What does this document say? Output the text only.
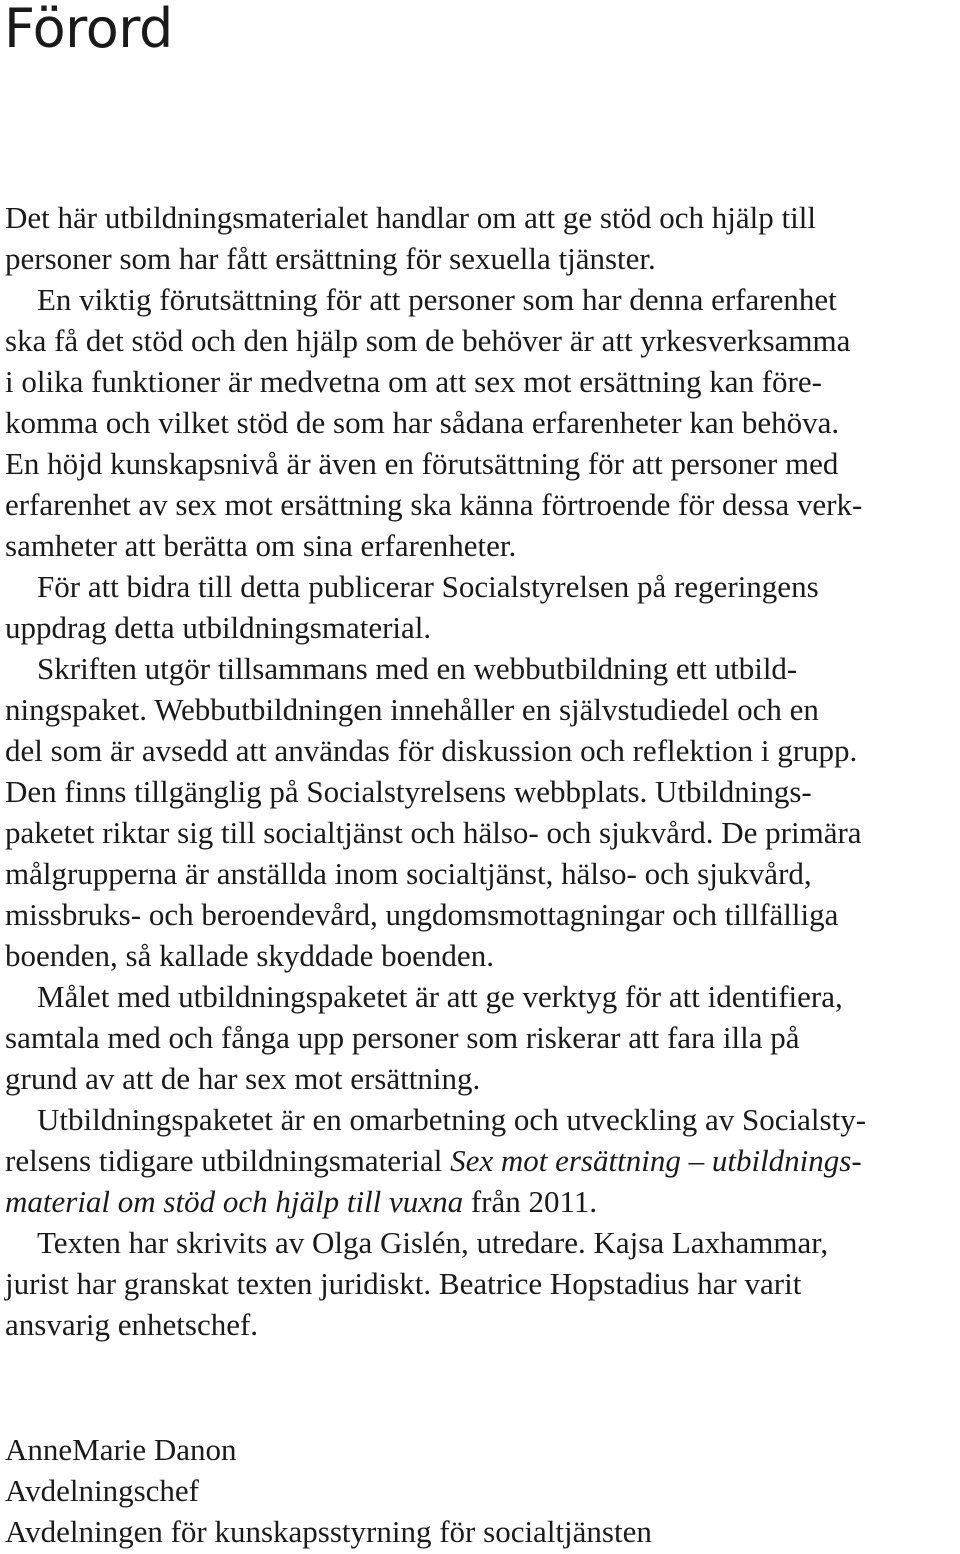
Förord
Det här utbildningsmaterialet handlar om att ge stöd och hjälp till
personer som har fått ersättning för sexuella tjänster.
En viktig förutsättning för att personer som har denna erfarenhet
ska få det stöd och den hjälp som de behöver är att yrkesverksamma
i olika funktioner är medvetna om att sex mot ersättning kan före-
komma och vilket stöd de som har sådana erfarenheter kan behöva.
En höjd kunskapsnivå är även en förutsättning för att personer med
erfarenhet av sex mot ersättning ska känna förtroende för dessa verk-
samheter att berätta om sina erfarenheter.
För att bidra till detta publicerar Socialstyrelsen på regeringens
uppdrag detta utbildningsmaterial.
Skriften utgör tillsammans med en webbutbildning ett utbild-
ningspaket. Webbutbildningen innehåller en självstudiedel och en
del som är avsedd att användas för diskussion och reflektion i grupp.
Den finns tillgänglig på Socialstyrelsens webbplats. Utbildnings-
paketet riktar sig till socialtjänst och hälso- och sjukvård. De primära
målgrupperna är anställda inom socialtjänst, hälso- och sjukvård,
missbruks- och beroendevård, ungdomsmottagningar och tillfälliga
boenden, så kallade skyddade boenden.
Målet med utbildningspaketet är att ge verktyg för att identifiera,
samtala med och fånga upp personer som riskerar att fara illa på
grund av att de har sex mot ersättning.
Utbildningspaketet är en omarbetning och utveckling av Socialsty-
relsens tidigare utbildningsmaterial Sex mot ersättning – utbildnings-
material om stöd och hjälp till vuxna från 2011.
Texten har skrivits av Olga Gislén, utredare. Kajsa Laxhammar,
jurist har granskat texten juridiskt. Beatrice Hopstadius har varit
ansvarig enhetschef.
AnneMarie Danon
Avdelningschef
Avdelningen för kunskapsstyrning för socialtjänsten
